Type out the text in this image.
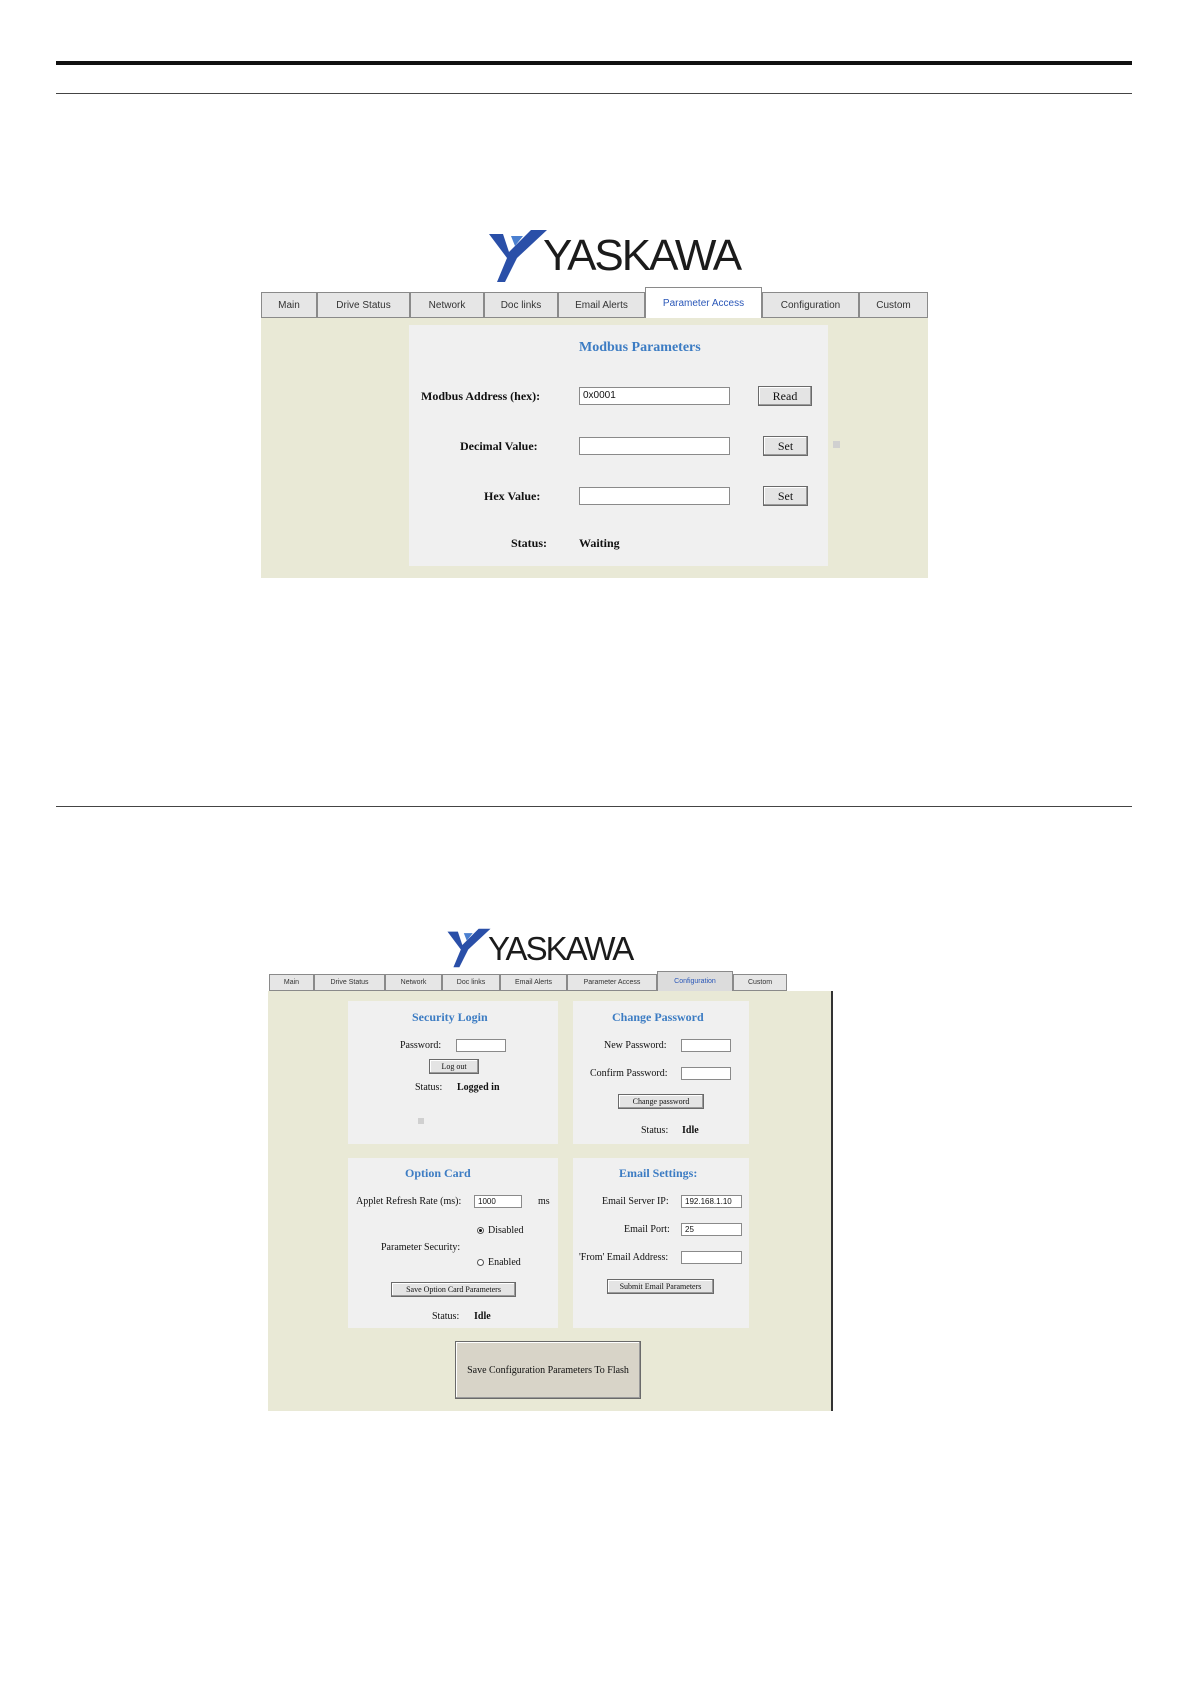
YASKAWA
Main	Drive Status	Network	Doc links	Email Alerts	Parameter Access	Configuration	Custom
Modbus Parameters
Modbus Address (hex):	0x0001	Read
Decimal Value:	Set
Hex Value:	Set
Status:	Waiting
YASKAWA
Main	Drive Status	Network	Doc links	Email Alerts	Parameter Access	Configuration	Custom
Security Login
Password:
Log out
Status: Logged in
Change Password
New Password:
Confirm Password:
Change password
Status: Idle
Option Card
Applet Refresh Rate (ms):	1000	ms
Disabled
Parameter Security:
Enabled
Save Option Card Parameters
Status: Idle
Email Settings:
Email Server IP:	192.168.1.10
Email Port:	25
'From' Email Address:
Submit Email Parameters
Save Configuration Parameters To Flash
